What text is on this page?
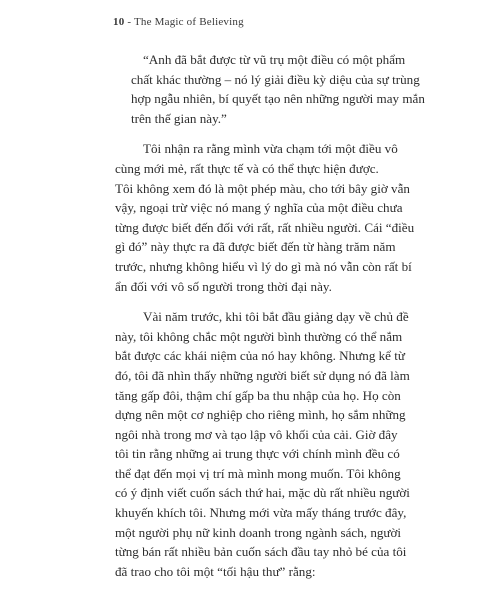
10 - The Magic of Believing
“Anh đã bắt được từ vũ trụ một điều có một phẩm
chất khác thường – nó lý giải điều kỳ diệu của sự trùng
hợp ngẫu nhiên, bí quyết tạo nên những người may mắn
trên thế gian này.”
Tôi nhận ra rằng mình vừa chạm tới một điều vô
cùng mới mẻ, rất thực tế và có thể thực hiện được.
Tôi không xem đó là một phép màu, cho tới bây giờ vẫn
vậy, ngoại trừ việc nó mang ý nghĩa của một điều chưa
từng được biết đến đối với rất, rất nhiều người. Cái “điều
gì đó” này thực ra đã được biết đến từ hàng trăm năm
trước, nhưng không hiểu vì lý do gì mà nó vẫn còn rất bí
ẩn đối với vô số người trong thời đại này.
Vài năm trước, khi tôi bắt đầu giảng dạy về chủ đề
này, tôi không chắc một người bình thường có thể nắm
bắt được các khái niệm của nó hay không. Nhưng kể từ
đó, tôi đã nhìn thấy những người biết sử dụng nó đã làm
tăng gấp đôi, thậm chí gấp ba thu nhập của họ. Họ còn
dựng nên một cơ nghiệp cho riêng mình, họ sắm những
ngôi nhà trong mơ và tạo lập vô khối của cải. Giờ đây
tôi tin rằng những ai trung thực với chính mình đều có
thể đạt đến mọi vị trí mà mình mong muốn. Tôi không
có ý định viết cuốn sách thứ hai, mặc dù rất nhiều người
khuyến khích tôi. Nhưng mới vừa mấy tháng trước đây,
một người phụ nữ kinh doanh trong ngành sách, người
từng bán rất nhiều bản cuốn sách đầu tay nhỏ bé của tôi
đã trao cho tôi một “tối hậu thư” rằng:
